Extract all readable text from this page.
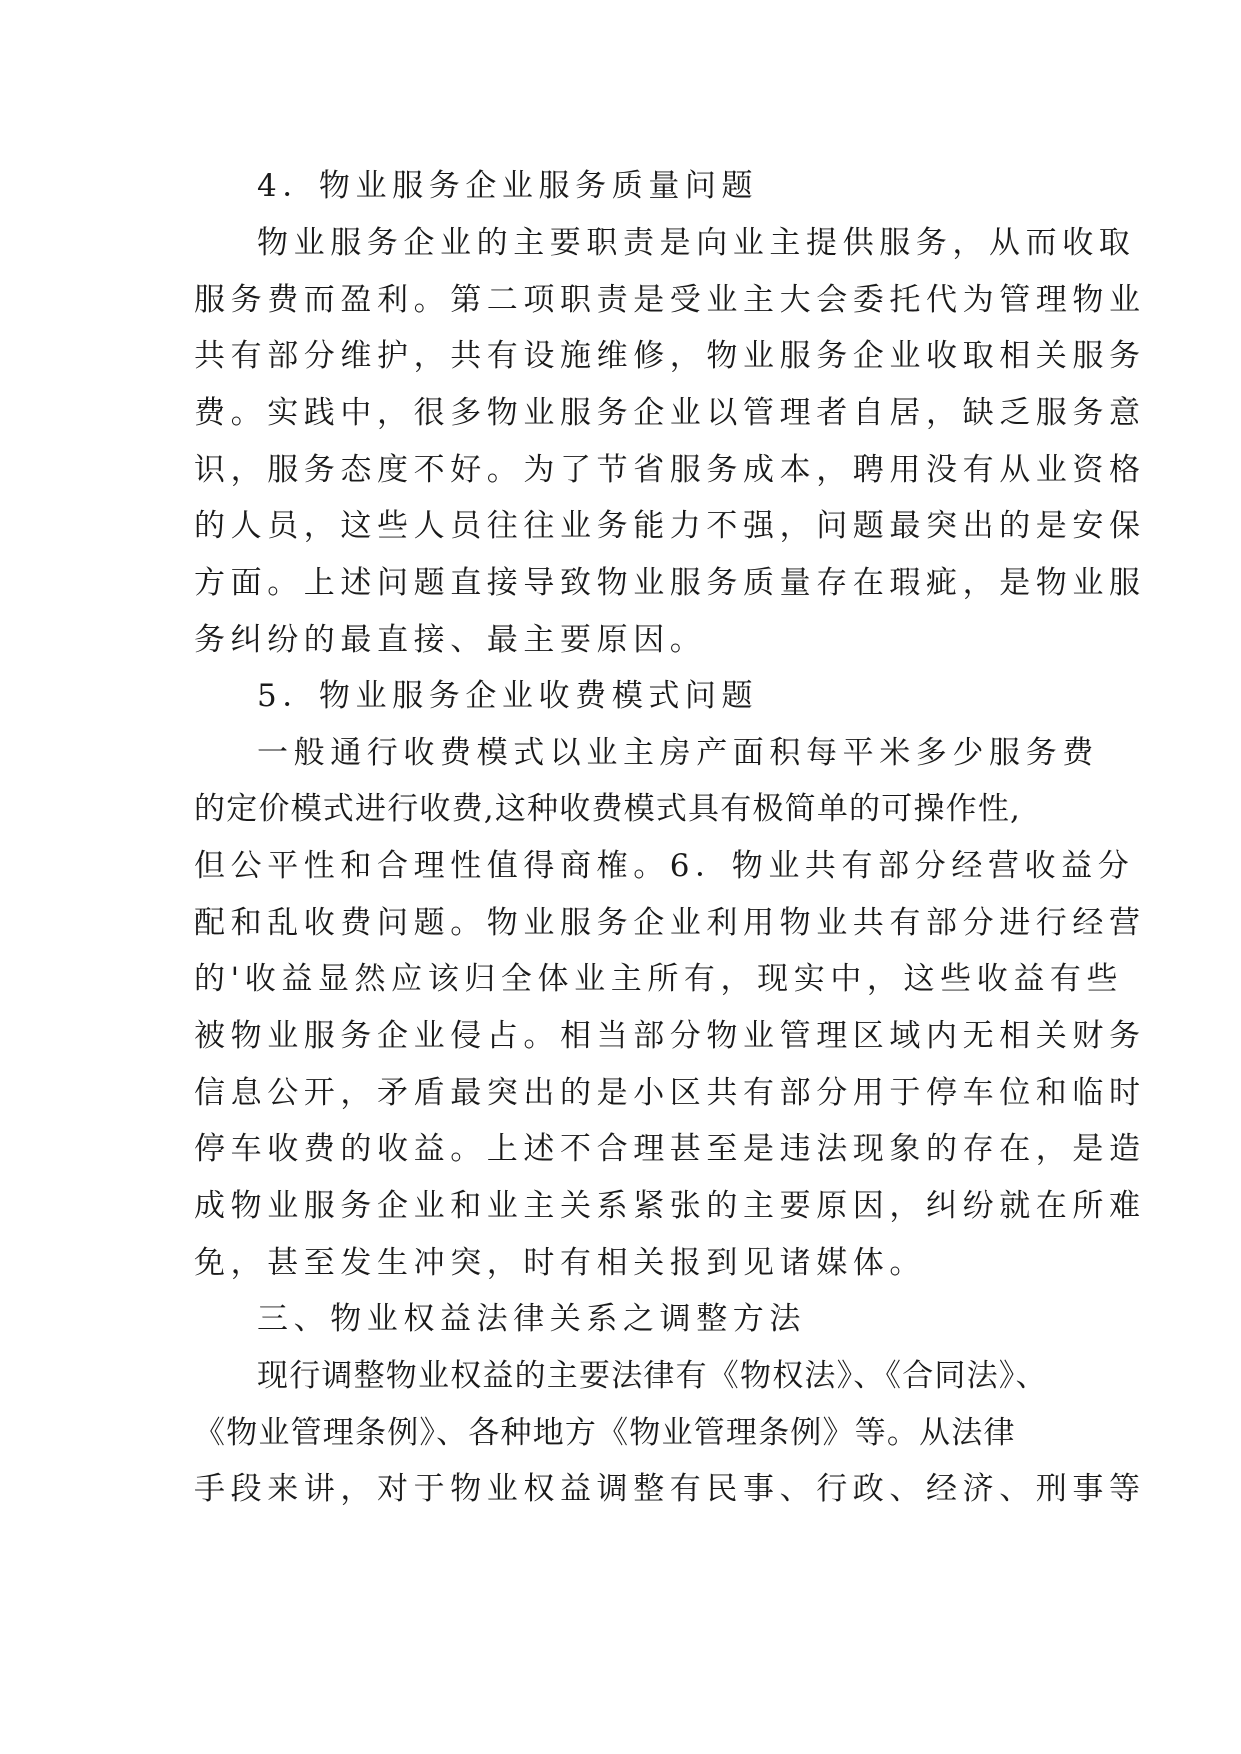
4．物业服务企业服务质量问题
物业服务企业的主要职责是向业主提供服务，从而收取
服务费而盈利。第二项职责是受业主大会委托代为管理物业
共有部分维护，共有设施维修，物业服务企业收取相关服务
费。实践中，很多物业服务企业以管理者自居，缺乏服务意
识，服务态度不好。为了节省服务成本，聘用没有从业资格
的人员，这些人员往往业务能力不强，问题最突出的是安保
方面。上述问题直接导致物业服务质量存在瑕疵，是物业服
务纠纷的最直接、最主要原因。
5．物业服务企业收费模式问题
一般通行收费模式以业主房产面积每平米多少服务费
的定价模式进行收费,这种收费模式具有极简单的可操作性,
但公平性和合理性值得商榷。6．物业共有部分经营收益分
配和乱收费问题。物业服务企业利用物业共有部分进行经营
的'收益显然应该归全体业主所有，现实中，这些收益有些
被物业服务企业侵占。相当部分物业管理区域内无相关财务
信息公开，矛盾最突出的是小区共有部分用于停车位和临时
停车收费的收益。上述不合理甚至是违法现象的存在，是造
成物业服务企业和业主关系紧张的主要原因，纠纷就在所难
免，甚至发生冲突，时有相关报到见诸媒体。
三、物业权益法律关系之调整方法
现行调整物业权益的主要法律有《物权法》、《合同法》、
《物业管理条例》、各种地方《物业管理条例》等。从法律
手段来讲，对于物业权益调整有民事、行政、经济、刑事等
